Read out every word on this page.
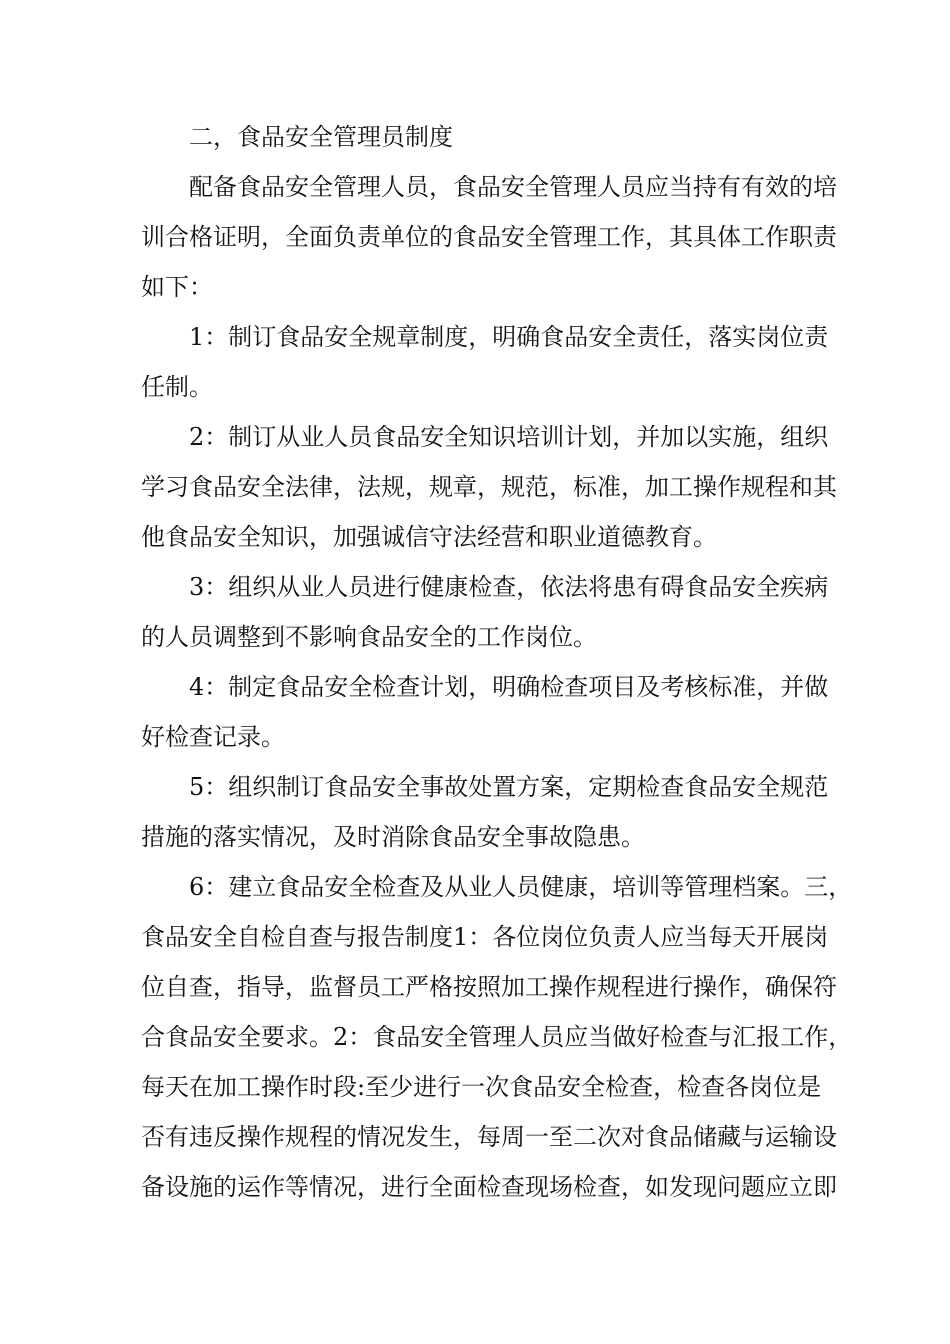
二，食品安全管理员制度

配备食品安全管理人员，食品安全管理人员应当持有有效的培
训合格证明，全面负责单位的食品安全管理工作，其具体工作职责
如下：

1：制订食品安全规章制度，明确食品安全责任，落实岗位责
任制。

2：制订从业人员食品安全知识培训计划，并加以实施，组织
学习食品安全法律，法规，规章，规范，标准，加工操作规程和其
他食品安全知识，加强诚信守法经营和职业道德教育。

3：组织从业人员进行健康检查，依法将患有碍食品安全疾病
的人员调整到不影响食品安全的工作岗位。

4：制定食品安全检查计划，明确检查项目及考核标准，并做
好检查记录。

5：组织制订食品安全事故处置方案，定期检查食品安全规范
措施的落实情况，及时消除食品安全事故隐患。

6：建立食品安全检查及从业人员健康，培训等管理档案。三，
食品安全自检自查与报告制度1：各位岗位负责人应当每天开展岗
位自查，指导，监督员工严格按照加工操作规程进行操作，确保符
合食品安全要求。2：食品安全管理人员应当做好检查与汇报工作，
每天在加工操作时段:至少进行一次食品安全检查，检查各岗位是
否有违反操作规程的情况发生，每周一至二次对食品储藏与运输设
备设施的运作等情况，进行全面检查现场检查，如发现问题应立即
